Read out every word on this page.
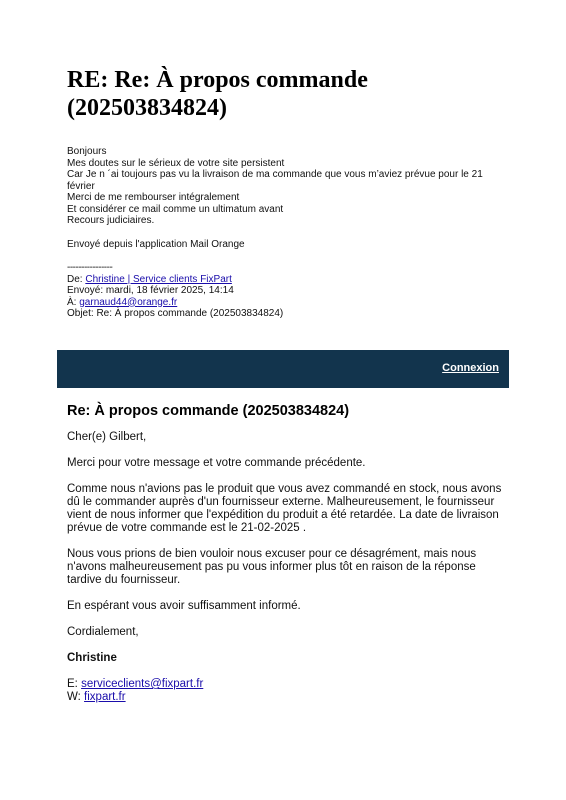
RE: Re: À propos commande (202503834824)
Bonjours
Mes doutes sur le sérieux de votre site persistent
Car Je n ´ai toujours pas vu la livraison de ma commande que vous m’aviez prévue pour le 21
février
Merci de me rembourser intégralement
Et considérer ce mail comme un ultimatum avant
Recours judiciaires.
Envoyé depuis l'application Mail Orange
----------------
De: Christine | Service clients FixPart
Envoyé: mardi, 18 février 2025, 14:14
À: garnaud44@orange.fr
Objet: Re: À propos commande (202503834824)
Connexion
Re: À propos commande (202503834824)

Cher(e) Gilbert,

Merci pour votre message et votre commande précédente.

Comme nous n'avions pas le produit que vous avez commandé en stock, nous avons dû le commander auprès d'un fournisseur externe. Malheureusement, le fournisseur vient de nous informer que l'expédition du produit a été retardée. La date de livraison prévue de votre commande est le 21-02-2025 .

Nous vous prions de bien vouloir nous excuser pour ce désagrément, mais nous n'avons malheureusement pas pu vous informer plus tôt en raison de la réponse tardive du fournisseur.

En espérant vous avoir suffisamment informé.

Cordialement,

Christine

E: serviceclients@fixpart.fr
W: fixpart.fr
